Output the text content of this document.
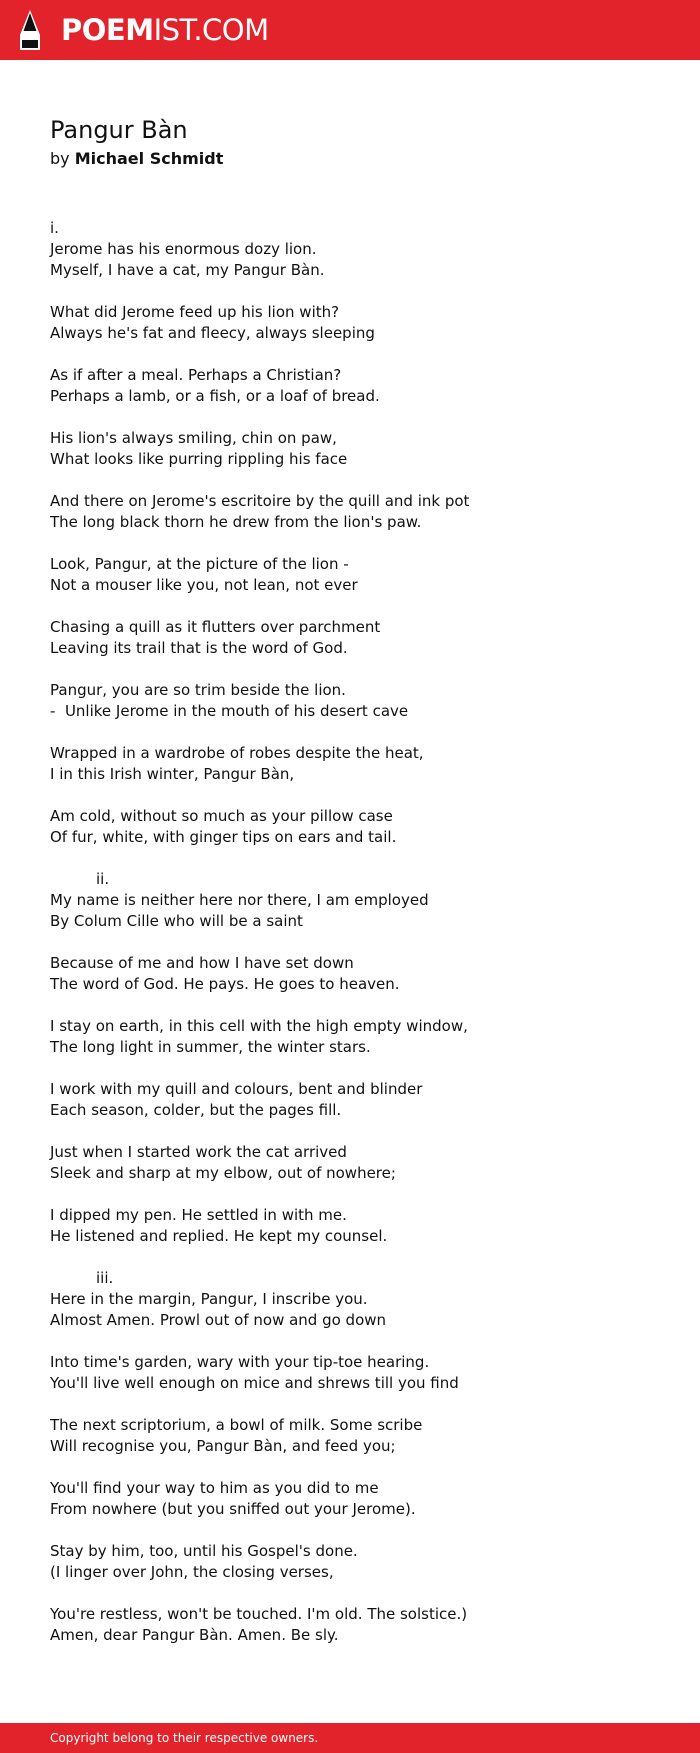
POEMIST.COM
Pangur Bàn
by Michael Schmidt
i.
Jerome has his enormous dozy lion.
Myself, I have a cat, my Pangur Bàn.
What did Jerome feed up his lion with?
Always he's fat and fleecy, always sleeping
As if after a meal. Perhaps a Christian?
Perhaps a lamb, or a fish, or a loaf of bread.
His lion's always smiling, chin on paw,
What looks like purring rippling his face
And there on Jerome's escritoire by the quill and ink pot
The long black thorn he drew from the lion's paw.
Look, Pangur, at the picture of the lion -
Not a mouser like you, not lean, not ever
Chasing a quill as it flutters over parchment
Leaving its trail that is the word of God.
Pangur, you are so trim beside the lion.
-  Unlike Jerome in the mouth of his desert cave
Wrapped in a wardrobe of robes despite the heat,
I in this Irish winter, Pangur Bàn,
Am cold, without so much as your pillow case
Of fur, white, with ginger tips on ears and tail.
ii.
My name is neither here nor there, I am employed
By Colum Cille who will be a saint
Because of me and how I have set down
The word of God. He pays. He goes to heaven.
I stay on earth, in this cell with the high empty window,
The long light in summer, the winter stars.
I work with my quill and colours, bent and blinder
Each season, colder, but the pages fill.
Just when I started work the cat arrived
Sleek and sharp at my elbow, out of nowhere;
I dipped my pen. He settled in with me.
He listened and replied. He kept my counsel.
iii.
Here in the margin, Pangur, I inscribe you.
Almost Amen. Prowl out of now and go down
Into time's garden, wary with your tip-toe hearing.
You'll live well enough on mice and shrews till you find
The next scriptorium, a bowl of milk. Some scribe
Will recognise you, Pangur Bàn, and feed you;
You'll find your way to him as you did to me
From nowhere (but you sniffed out your Jerome).
Stay by him, too, until his Gospel's done.
(I linger over John, the closing verses,
You're restless, won't be touched. I'm old. The solstice.)
Amen, dear Pangur Bàn. Amen. Be sly.
Copyright belong to their respective owners.
